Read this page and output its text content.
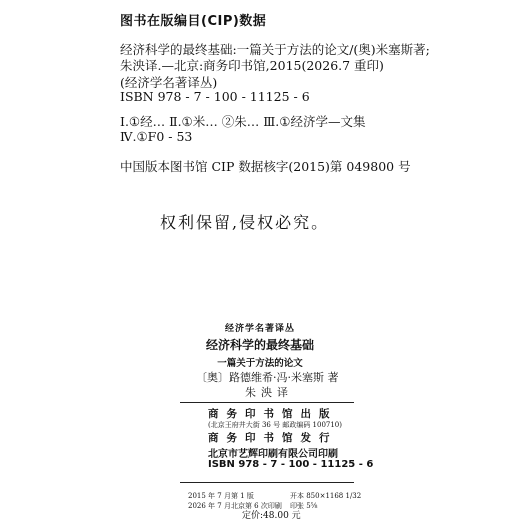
图书在版编目(CIP)数据
经济科学的最终基础:一篇关于方法的论文/(奥)米塞斯著;
朱泱译.—北京:商务印书馆,2015(2026.7 重印)
(经济学名著译丛)
ISBN 978 - 7 - 100 - 11125 - 6
Ⅰ.①经… Ⅱ.①米… ②朱… Ⅲ.①经济学—文集
Ⅳ.①F0 - 53
中国版本图书馆 CIP 数据核字(2015)第 049800 号
权利保留,侵权必究。
经济学名著译丛
经济科学的最终基础
一篇关于方法的论文
〔奥〕路德维希·冯·米塞斯 著
朱泱译
商务印书馆出版
(北京王府井大街 36 号 邮政编码 100710)
商务印书馆发行
北京市艺辉印刷有限公司印刷
ISBN 978 - 7 - 100 - 11125 - 6
2015 年 7 月第 1 版	开本 850×1168 1/32
2026 年 7 月北京第 6 次印刷 印张 5⅝
定价:48.00 元
